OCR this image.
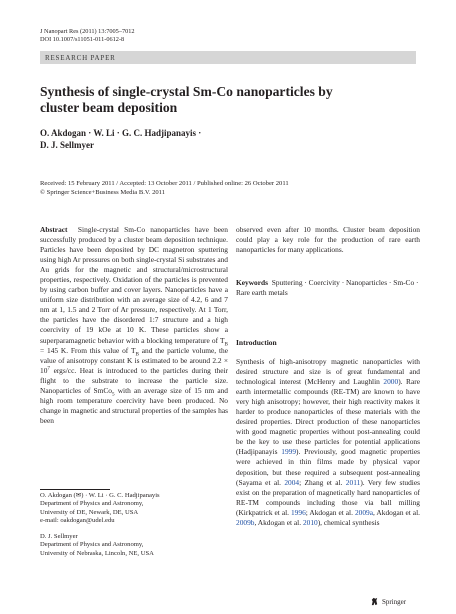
J Nanopart Res (2011) 13:7005–7012
DOI 10.1007/s11051-011-0612-8
RESEARCH PAPER
Synthesis of single-crystal Sm-Co nanoparticles by cluster beam deposition
O. Akdogan · W. Li · G. C. Hadjipanayis ·
D. J. Sellmyer
Received: 15 February 2011 / Accepted: 13 October 2011 / Published online: 26 October 2011
© Springer Science+Business Media B.V. 2011
Abstract Single-crystal Sm-Co nanoparticles have been successfully produced by a cluster beam deposition technique. Particles have been deposited by DC magnetron sputtering using high Ar pressures on both single-crystal Si substrates and Au grids for the magnetic and structural/microstructural properties, respectively. Oxidation of the particles is prevented by using carbon buffer and cover layers. Nanoparticles have a uniform size distribution with an average size of 4.2, 6 and 7 nm at 1, 1.5 and 2 Torr of Ar pressure, respectively. At 1 Torr, the particles have the disordered 1:7 structure and a high coercivity of 19 kOe at 10 K. These particles show a superparamagnetic behavior with a blocking temperature of $T_B = 145$ K. From this value of $T_B$ and the particle volume, the value of anisotropy constant K is estimated to be around $2.2 \times 10^7$ ergs/cc. Heat is introduced to the particles during their flight to the substrate to increase the particle size. Nanoparticles of SmCo$_5$ with an average size of 15 nm and high room temperature coercivity have been produced. No change in magnetic and structural properties of the samples has been
observed even after 10 months. Cluster beam deposition could play a key role for the production of rare earth nanoparticles for many applications.
Keywords Sputtering · Coercivity · Nanoparticles · Sm-Co · Rare earth metals
Introduction
Synthesis of high-anisotropy magnetic nanoparticles with desired structure and size is of great fundamental and technological interest (McHenry and Laughlin 2000). Rare earth intermetallic compounds (RE-TM) are known to have very high anisotropy; however, their high reactivity makes it harder to produce nanoparticles of these materials with the desired properties. Direct production of these nanoparticles with good magnetic properties without post-annealing could be the key to use these particles for potential applications (Hadjipanayis 1999). Previously, good magnetic properties were achieved in thin films made by physical vapor deposition, but these required a subsequent post-annealing (Sayama et al. 2004; Zhang et al. 2011). Very few studies exist on the preparation of magnetically hard nanoparticles of RE-TM compounds including those via ball milling (Kirkpatrick et al. 1996; Akdogan et al. 2009a, Akdogan et al. 2009b, Akdogan et al. 2010), chemical synthesis
O. Akdogan (✉) · W. Li · G. C. Hadjipanayis
Department of Physics and Astronomy,
University of DE, Newark, DE, USA
e-mail: oakdogan@udel.edu
D. J. Sellmyer
Department of Physics and Astronomy,
University of Nebraska, Lincoln, NE, USA
Springer
